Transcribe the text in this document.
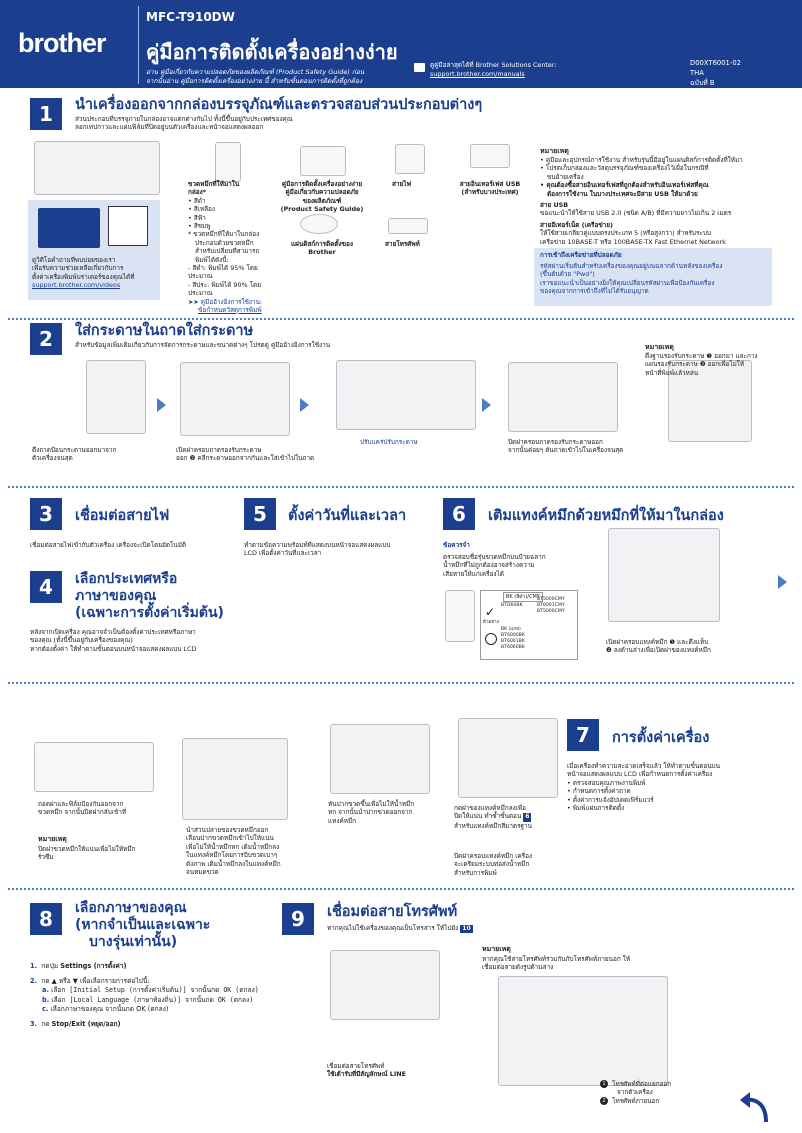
brother
MFC-T910DW
คู่มือการติดตั้งเครื่องอย่างง่าย
อ่าน คู่มือเกี่ยวกับความปลอดภัยของผลิตภัณฑ์ (Product Safety Guide) ก่อน
จากนั้นอ่าน คู่มือการติดตั้งเครื่องอย่างง่าย นี้ สำหรับขั้นตอนการติดตั้งที่ถูกต้อง
ดูคู่มือล่าสุดได้ที่ Brother Solutions Center:
support.brother.com/manuals
D00XT6001-02
THA
ฉบับที่ B
1	นำเครื่องออกจากกล่องบรรจุภัณฑ์และตรวจสอบส่วนประกอบต่างๆ
ส่วนประกอบที่บรรจุภายในกล่องอาจแตกต่างกันไป ทั้งนี้ขึ้นอยู่กับประเทศของคุณ
ลอกเทปกาวและแผ่นฟิล์มที่ปิดอยู่บนตัวเครื่องและหน้าจอแสดงผลออก
ขวดหมึกที่ให้มาใน
กล่อง*
• สีดำ
• สีเหลือง
• สีฟ้า
• สีชมพู
* ขวดหมึกที่ให้มาในกล่อง
ประกอบด้วยขวดหมึก
สำหรับเปลี่ยนที่สามารถ
พิมพ์ได้ดังนี้:
- สีดำ: พิมพ์ได้ 95% โดยประมาณ
- สีประ: พิมพ์ได้ 90% โดยประมาณ
➤➤ คู่มืออ้างอิงการใช้งาน:
ข้อกำหนดวัสดุการพิมพ์
คู่มือการติดตั้งเครื่องอย่างง่าย
คู่มือเกี่ยวกับความปลอดภัย
ของผลิตภัณฑ์
(Product Safety Guide)
สายไฟ	สายอินเทอร์เฟส USB
(สำหรับบางประเทศ)
แผ่นดิสก์การติดตั้งของ
Brother
สายโทรศัพท์
ดูวิดีโอคำถามที่พบบ่อยของเรา
เพื่อรับความช่วยเหลือเกี่ยวกับการ
ตั้งค่าเครื่องพิมพ์บราเดอร์ของคุณได้ที่
support.brother.com/videos
หมายเหตุ
• คู่มือและอุปกรณ์การใช้งาน สำหรับรุ่นนี้มีอยู่ในแผ่นดิสก์การติดตั้งที่ให้มา
• โปรดเก็บกล่องและวัสดุบรรจุภัณฑ์ของเครื่องไว้เผื่อในกรณีที่
ขนย้ายเครื่อง
• คุณต้องซื้อสายอินเทอร์เฟสที่ถูกต้องสำหรับอินเทอร์เฟสที่คุณ
ต้องการใช้งาน ในบางประเทศจะมีสาย USB ให้มาด้วย
สาย USB
ขอแนะนำให้ใช้สาย USB 2.0 (ชนิด A/B) ที่มีความยาวไม่เกิน 2 เมตร
สายอีเทอร์เน็ต (เครือข่าย)
ให้ใช้สายเกลียวคู่แบบตรงประเภท 5 (หรือสูงกว่า) สำหรับระบบ
เครือข่าย 10BASE-T หรือ 100BASE-TX Fast Ethernet Network
การเข้าถึงเครือข่ายที่ปลอดภัย
รหัสผ่านเริ่มต้นสำหรับเครื่องของคุณอยู่บนฉลากด้านหลังของเครื่อง
(ขึ้นต้นด้วย "Pwd")
เราขอแนะนำเป็นอย่างยิ่งให้คุณเปลี่ยนรหัสผ่านเพื่อป้องกันเครื่อง
ของคุณจากการเข้าถึงที่ไม่ได้รับอนุญาต
2	ใส่กระดาษในถาดใส่กระดาษ
สำหรับข้อมูลเพิ่มเติมเกี่ยวกับการจัดการกระดาษและขนาดต่างๆ โปรดดู คู่มืออ้างอิงการใช้งาน
ดึงถาดป้อนกระดาษออกมาจาก
ตัวเครื่องจนสุด
เปิดฝาครอบถาดรองรับกระดาษ
ออก ❷ คลี่กระดาษออกจากกันและใส่เข้าไปในถาด
ปรับแคร่ปรับกระดาษ	ปิดฝาครอบถาดรองรับกระดาษออก
จากนั้นค่อยๆ ดันถาดเข้าไปในเครื่องจนสุด
หมายเหตุ
ดึงฐานรองรับกระดาษ ❶ ออกมา และกาง
แผ่นรองรับกระดาษ ❷ ออกเพื่อไม่ให้
หน้าที่พิมพ์แล้วหล่น
3	เชื่อมต่อสายไฟ
เชื่อมต่อสายไฟเข้ากับตัวเครื่อง เครื่องจะเปิดโดยอัตโนมัติ
5	ตั้งค่าวันที่และเวลา
ทำตามข้อความพร้อมท์ที่แสดงบนหน้าจอแสดงผลแบบ
LCD เพื่อตั้งค่าวันที่และเวลา
6	เติมแทงค์หมึกด้วยหมึกที่ให้มาในกล่อง
ข้อควรจำ
ตรวจสอบชื่อรุ่นขวดหมึกบนป้ายฉลาก
น้ำหมึกที่ไม่ถูกต้องอาจสร้างความ
เสียหายให้แก่เครื่องได้
BK (สีดำ)/CMY
✓ BTD60BK
BT5000CMY
BT6001CMY
BT5000CMY
ตัวอย่าง
BK (แกล)
BT6000BK
BT6001BK
BT6060BK
เปิดฝาครอบแทงค์หมึก ❶ และดึงแท็บ
❷ ลงด้านล่างเพื่อเปิดฝาของแทงค์หมึก
4	เลือกประเทศหรือ
ภาษาของคุณ
(เฉพาะการตั้งค่าเริ่มต้น)
หลังจากเปิดเครื่อง คุณอาจจำเป็นต้องตั้งค่าประเทศหรือภาษา
ของคุณ (ทั้งนี้ขึ้นอยู่กับเครื่องของคุณ)
หากต้องตั้งค่า ให้ทำตามขั้นตอนบนหน้าจอแสดงผลแบบ LCD
ถอดฝาและฟิล์มป้องกันออกจาก
ขวดหมึก จากนั้นปิดฝากลับเข้าที่
หมายเหตุ
ปิดฝาขวดหมึกให้แน่นเพื่อไม่ให้หมึก
รั่วซึม
นำส่วนปลายของขวดหมึกออก
เลื่อนปากขวดหมึกเข้าไปให้แน่น
เพื่อไม่ให้น้ำหมึกหก เติมน้ำหมึกลง
ในแทงค์หมึกโดยการบีบขวดเบาๆ
ดังภาพ เติมน้ำหมึกลงในแทงค์หมึก
จนหมดขวด
หันปากขวดขึ้นเพื่อไม่ให้น้ำหมึก
หก จากนั้นนำปากขวดออกจาก
แทงค์หมึก
กดฝาของแทงค์หมึกลงเพื่อ
ปิดให้แน่น ทำซ้ำขั้นตอน 6
สำหรับแทงค์หมึกสีมาตรฐาน
ปิดฝาครอบแทงค์หมึก เครื่อง
จะเตรียมระบบท่อส่งน้ำหมึก
สำหรับการพิมพ์
7	การตั้งค่าเครื่อง
เมื่อเครื่องทำความสะอาดเสร็จแล้ว ให้ทำตามขั้นตอนบน
หน้าจอแสดงผลแบบ LCD เพื่อกำหนดการตั้งค่าเครื่อง
• ตรวจสอบคุณภาพงานพิมพ์
• กำหนดการตั้งค่าถาด
• ตั้งค่าการแจ้งอัปเดตเฟิร์มแวร์
• พิมพ์แผ่นการติดตั้ง
8	เลือกภาษาของคุณ
(หากจำเป็นและเฉพาะ
บางรุ่นเท่านั้น)
1. กดปุ่ม Settings (การตั้งค่า)
2. กด ▲ หรือ ▼ เพื่อเลือกรายการต่อไปนี้:
a. เลือก [Initial Setup (การตั้งค่าเริ่มต้น)] จากนั้นกด OK (ตกลง)
b. เลือก [Local Language (ภาษาท้องถิ่น)] จากนั้นกด OK (ตกลง)
c. เลือกภาษาของคุณ จากนั้นกด OK (ตกลง)
3. กด Stop/Exit (หยุด/ออก)
9	เชื่อมต่อสายโทรศัพท์
หากคุณไม่ใช้เครื่องของคุณเป็นโทรสาร ให้ไปยัง 10
เชื่อมต่อสายโทรศัพท์
ใช้เต้ารับที่มีสัญลักษณ์ LINE
หมายเหตุ
หากคุณใช้สายโทรศัพท์ร่วมกันกับโทรศัพท์ภายนอก ให้
เชื่อมต่อสายดังรูปด้านล่าง
1 โทรศัพท์ที่ต่อแยกออก
จากตัวเครื่อง
2 โทรศัพท์ภายนอก
